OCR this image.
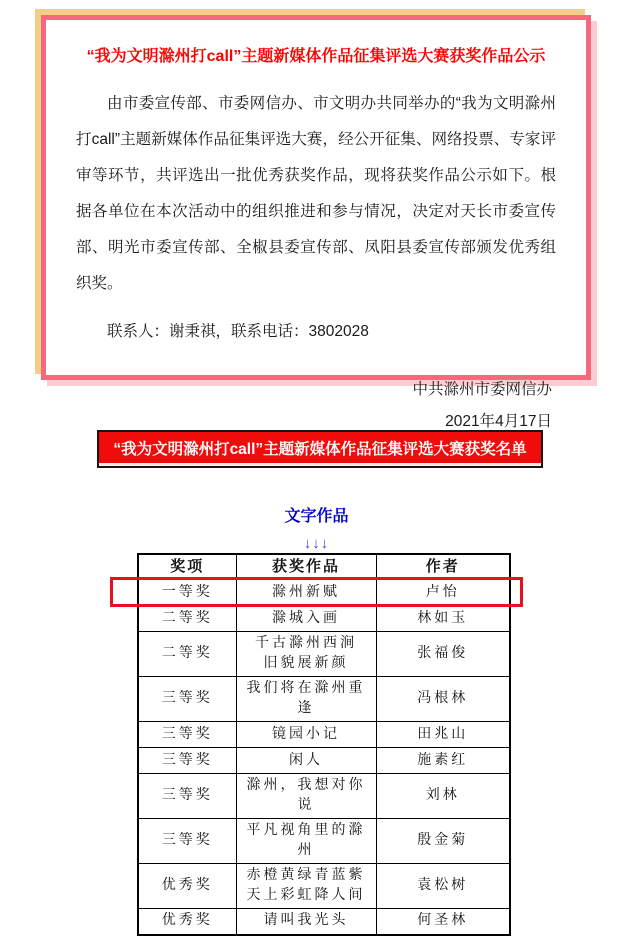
“我为文明滁州打call”主题新媒体作品征集评选大赛获奖作品公示
由市委宣传部、市委网信办、市文明办共同举办的“我为文明滁州打call”主题新媒体作品征集评选大赛，经公开征集、网络投票、专家评审等环节，共评选出一批优秀获奖作品，现将获奖作品公示如下。根据各单位在本次活动中的组织推进和参与情况，决定对天长市委宣传部、明光市委宣传部、全椒县委宣传部、凤阳县委宣传部颁发优秀组织奖。
联系人：谢秉祺，联系电话：3802028
中共滁州市委网信办
2021年4月17日
“我为文明滁州打call”主题新媒体作品征集评选大赛获奖名单
文字作品
↓↓↓
奖项	获奖作品	作者
一等奖	滁州新赋	卢怡
二等奖	滁城入画	林如玉
二等奖	千古滁州西涧 旧貌展新颜	张福俊
三等奖	我们将在滁州重逢	冯根林
三等奖	镜园小记	田兆山
三等奖	闲人	施素红
三等奖	滁州，我想对你说	刘林
三等奖	平凡视角里的滁州	殷金菊
优秀奖	赤橙黄绿青蓝紫 天上彩虹降人间	袁松树
优秀奖	请叫我光头	何圣林
